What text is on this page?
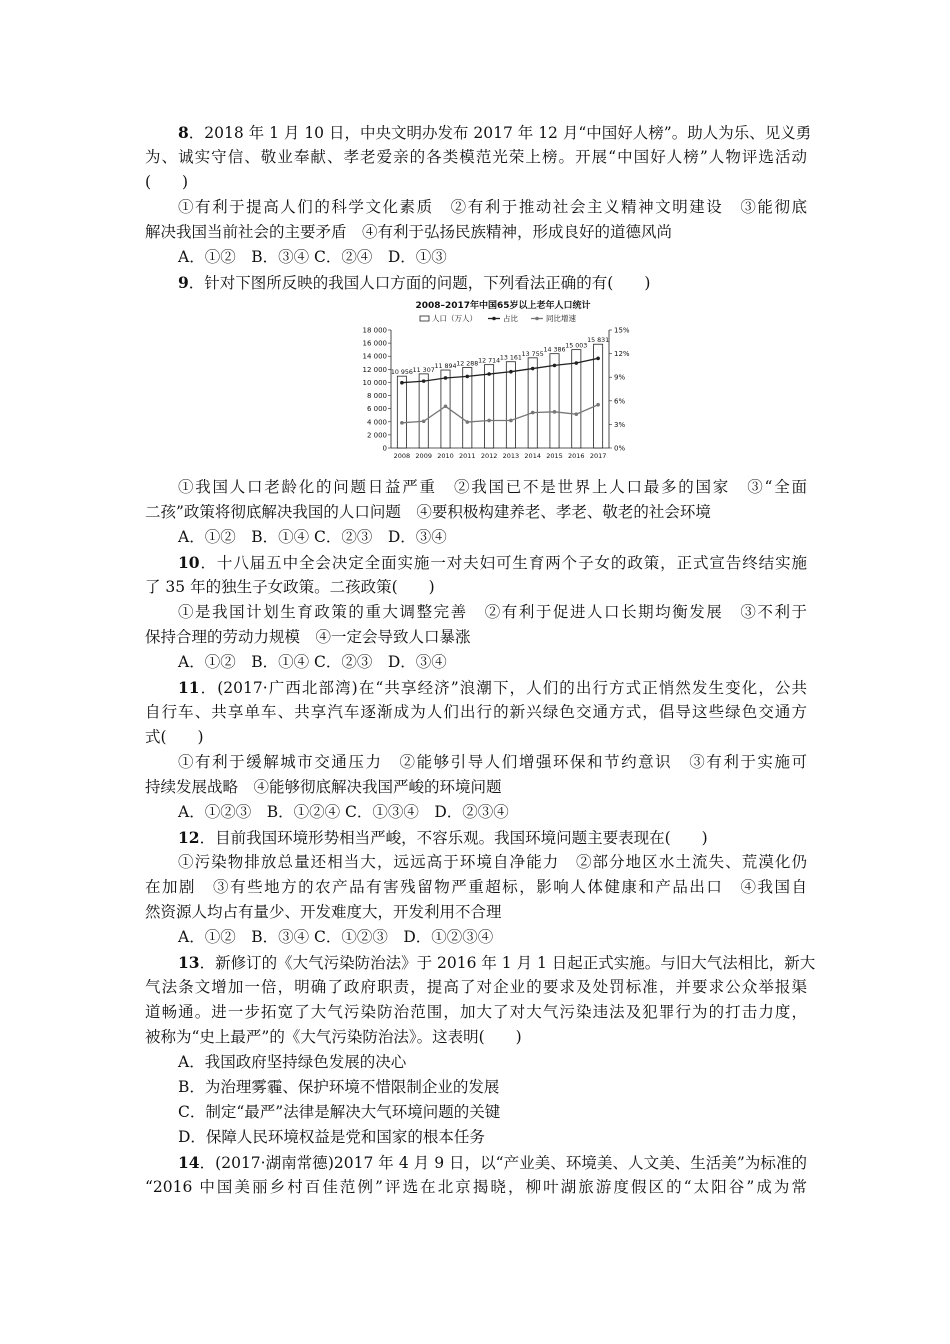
8．2018 年 1 月 10 日，中央文明办发布 2017 年 12 月“中国好人榜”。助人为乐、见义勇
为、诚实守信、敬业奉献、孝老爱亲的各类模范光荣上榜。开展“中国好人榜”人物评选活动
(　　)
①有利于提高人们的科学文化素质　②有利于推动社会主义精神文明建设　③能彻底
解决我国当前社会的主要矛盾　④有利于弘扬民族精神，形成良好的道德风尚
A．①②　B．③④ C．②④　D．①③
9．针对下图所反映的我国人口方面的问题，下列看法正确的有(　　)
2008–2017年中国65岁以上老年人口统计
人口（万人）	占比	同比增速
0
2 000
4 000
6 000
8 000
10 000
12 000
14 000
16 000
18 000
0%
3%
6%
9%
12%
15%
2008 2009 2010 2011 2012 2013 2014 2015 2016 2017
10 956 11 307
11 894 12 288 12 714 13 161
13 755
14 386
15 003
15 831
①我国人口老龄化的问题日益严重　②我国已不是世界上人口最多的国家　③“全面
二孩”政策将彻底解决我国的人口问题　④要积极构建养老、孝老、敬老的社会环境
A．①②　B．①④ C．②③　D．③④
10．十八届五中全会决定全面实施一对夫妇可生育两个子女的政策，正式宣告终结实施
了 35 年的独生子女政策。二孩政策(　　)
①是我国计划生育政策的重大调整完善　②有利于促进人口长期均衡发展　③不利于
保持合理的劳动力规模　④一定会导致人口暴涨
A．①②　B．①④ C．②③　D．③④
11．(2017·广西北部湾)在“共享经济”浪潮下，人们的出行方式正悄然发生变化，公共
自行车、共享单车、共享汽车逐渐成为人们出行的新兴绿色交通方式，倡导这些绿色交通方
式(　　)
①有利于缓解城市交通压力　②能够引导人们增强环保和节约意识　③有利于实施可
持续发展战略　④能够彻底解决我国严峻的环境问题
A．①②③　B．①②④ C．①③④　D．②③④
12．目前我国环境形势相当严峻，不容乐观。我国环境问题主要表现在(　　)
①污染物排放总量还相当大，远远高于环境自净能力　②部分地区水土流失、荒漠化仍
在加剧　③有些地方的农产品有害残留物严重超标，影响人体健康和产品出口　④我国自
然资源人均占有量少、开发难度大，开发利用不合理
A．①②　B．③④ C．①②③　D．①②③④
13．新修订的《大气污染防治法》于 2016 年 1 月 1 日起正式实施。与旧大气法相比，新大
气法条文增加一倍，明确了政府职责，提高了对企业的要求及处罚标准，并要求公众举报渠
道畅通。进一步拓宽了大气污染防治范围，加大了对大气污染违法及犯罪行为的打击力度，
被称为“史上最严”的《大气污染防治法》。这表明(　　)
A．我国政府坚持绿色发展的决心
B．为治理雾霾、保护环境不惜限制企业的发展
C．制定“最严”法律是解决大气环境问题的关键
D．保障人民环境权益是党和国家的根本任务
14．(2017·湖南常德)2017 年 4 月 9 日，以“产业美、环境美、人文美、生活美”为标准的
“2016 中国美丽乡村百佳范例”评选在北京揭晓，柳叶湖旅游度假区的“太阳谷”成为常
